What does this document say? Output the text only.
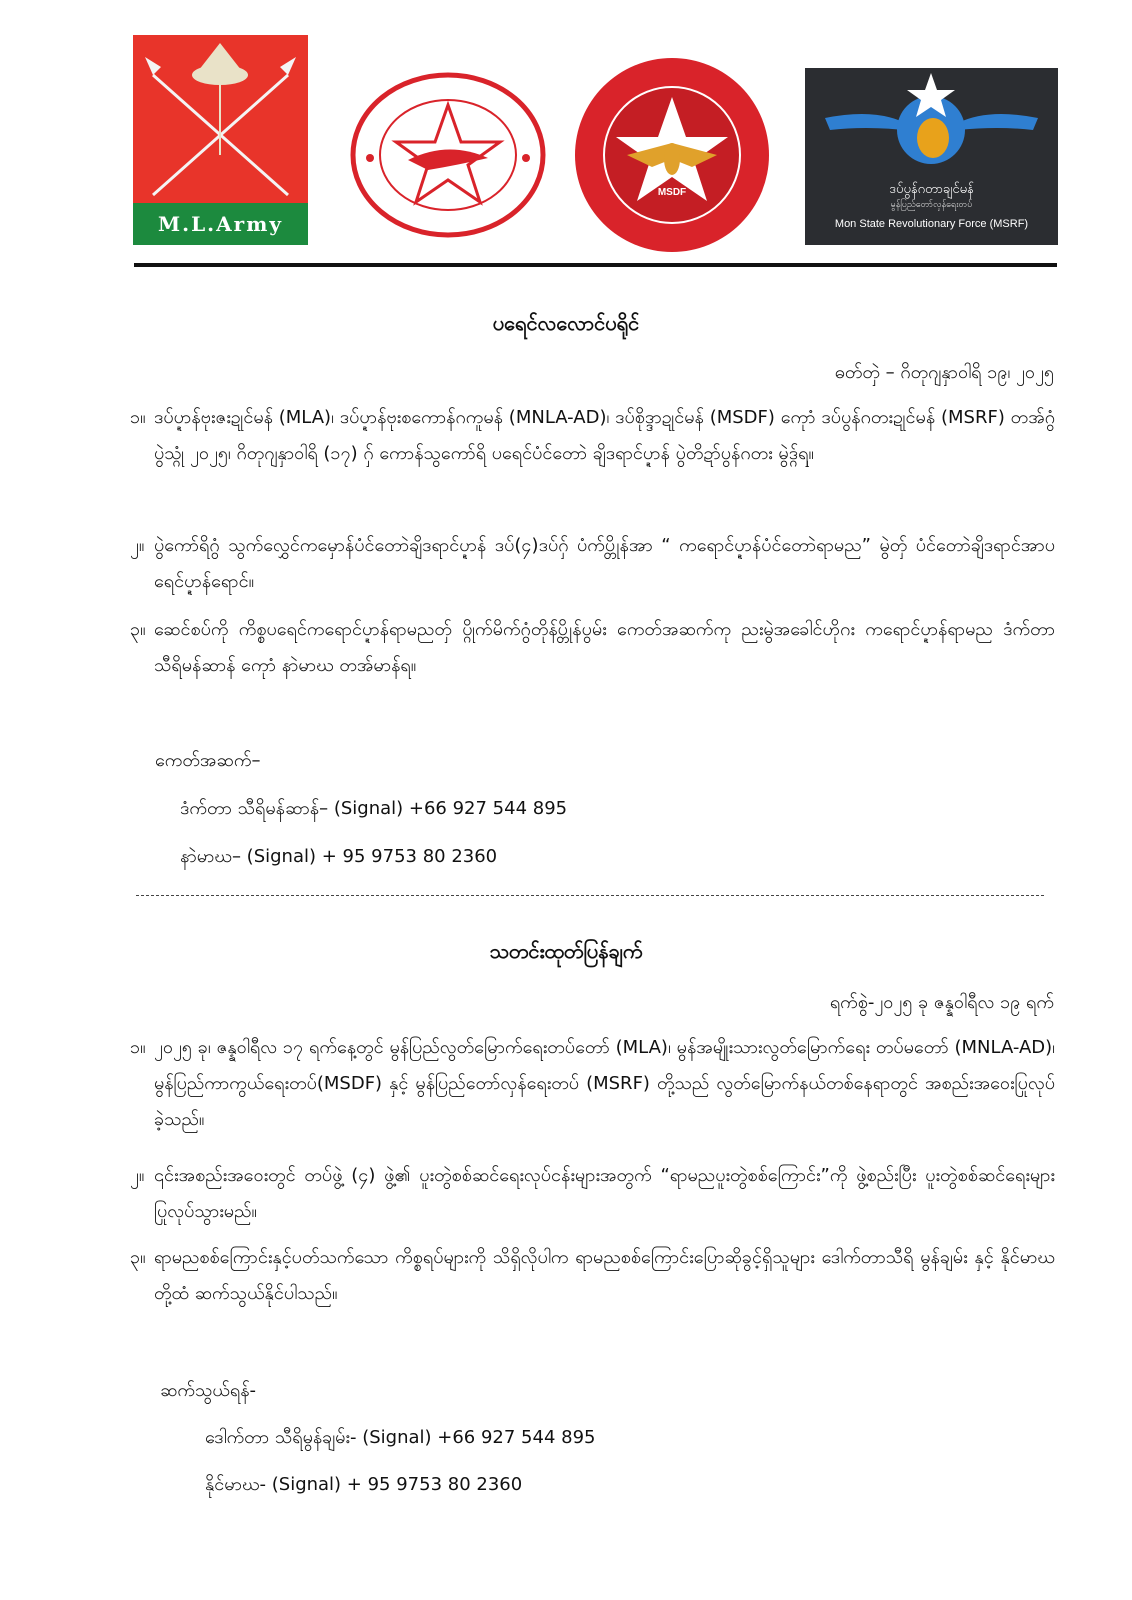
M.L.Army
MSDF	ဒပ်ပွန်ဂတာချင်မန်
မွန်ပြည်တော်လှန်ရေးတပ်
Mon State Revolutionary Force (MSRF)
ပရေင်လလောင်ပရိုင်
ဓတ်တှဲ – ဂိတုဂျနှာဝါရိ ၁၉၊ ၂၀၂၅
၁။ ဒပ်ပ္ဍာန်ဗုးဇးဍုင်မန် (MLA)၊ ဒပ်ပ္ဍာန်ဗုးစကောန်ဂကူမန် (MNLA-AD)၊ ဒပ်စိုဒ္ဒာဍုင်မန် (MSDF) ကေုာံ ဒပ်ပွန်ဂတးဍုင်မန် (MSRF) တအ်ဂွံ ပွဲသ္ဂုံ ၂၀၂၅၊ ဂိတုဂျနှာဝါရိ (၁၇) ဂှ် ကောန်သွကော်ရိ ပရေင်ပံင်တောဲ ချိဒရာင်ပ္ဍာန် ပွဲတိဍာ်ပွန်ဂတး မွဲဒ္ဂှ်ရ။
၂။ ပွဲကော်ရိဂွံ သွက်လွှေင်ကမှောန်ပံင်တောဲချိဒရာင်ပ္ဍာန် ဒပ်(၄)ဒပ်ဂှ် ပံက်ပ္တိုန်အာ “ ကရောင်ပ္ဍာန်ပံင်တောဲရာမည” မွဲတှ် ပံင်တောဲချိဒရာင်အာပရေင်ပ္ဍာန်ရောင်။
၃။ ဆေင်စပ်ကို ကိစ္စပရေင်ကရောင်ပ္ဍာန်ရာမညတှ် ပ္ဂိုက်မိက်ဂွံတိုန်ပ္တိုန်ပွမ်း ကေတ်အဆက်ကု ညးမွဲအခေါင်ဟိုဂး ကရောင်ပ္ဍာန်ရာမည ဒံက်တာသီရိမန်ဆာန် ကေုာံ နာဲမာဃ တအ်မာန်ရ။
ကေတ်အဆက်–
ဒံက်တာ သီရိမန်ဆာန်– (Signal) +66 927 544 895
နာဲမာဃ– (Signal) + 95 9753 80 2360
သတင်းထုတ်ပြန်ချက်
ရက်စွဲ-၂၀၂၅ ခု ဇန္နဝါရီလ ၁၉ ရက်
၁။ ၂၀၂၅ ခု၊ ဇန္နဝါရီလ ၁၇ ရက်နေ့တွင် မွန်ပြည်လွတ်မြောက်ရေးတပ်တော် (MLA)၊ မွန်အမျိုးသားလွတ်မြောက်ရေး တပ်မတော် (MNLA-AD)၊ မွန်ပြည်ကာကွယ်ရေးတပ်(MSDF) နှင့် မွန်ပြည်တော်လှန်ရေးတပ် (MSRF) တို့သည် လွတ်မြောက်နယ်တစ်နေရာတွင် အစည်းအဝေးပြုလုပ်ခဲ့သည်။
၂။ ၎င်းအစည်းအဝေးတွင် တပ်ဖွဲ့ (၄) ဖွဲ့၏ ပူးတွဲစစ်ဆင်ရေးလုပ်ငန်းများအတွက် “ရာမညပူးတွဲစစ်ကြောင်း”ကို ဖွဲ့စည်းပြီး ပူးတွဲစစ်ဆင်ရေးများ ပြုလုပ်သွားမည်။
၃။ ရာမညစစ်ကြောင်းနှင့်ပတ်သက်သော ကိစ္စရပ်များကို သိရှိလိုပါက ရာမညစစ်ကြောင်းပြောဆိုခွင့်ရှိသူများ ဒေါက်တာသီရိ မွန်ချမ်း နှင့် နိုင်မာဃ တို့ထံ ဆက်သွယ်နိုင်ပါသည်။
ဆက်သွယ်ရန်-
ဒေါက်တာ သီရိမွန်ချမ်း- (Signal) +66 927 544 895
နိုင်မာဃ- (Signal) + 95 9753 80 2360
